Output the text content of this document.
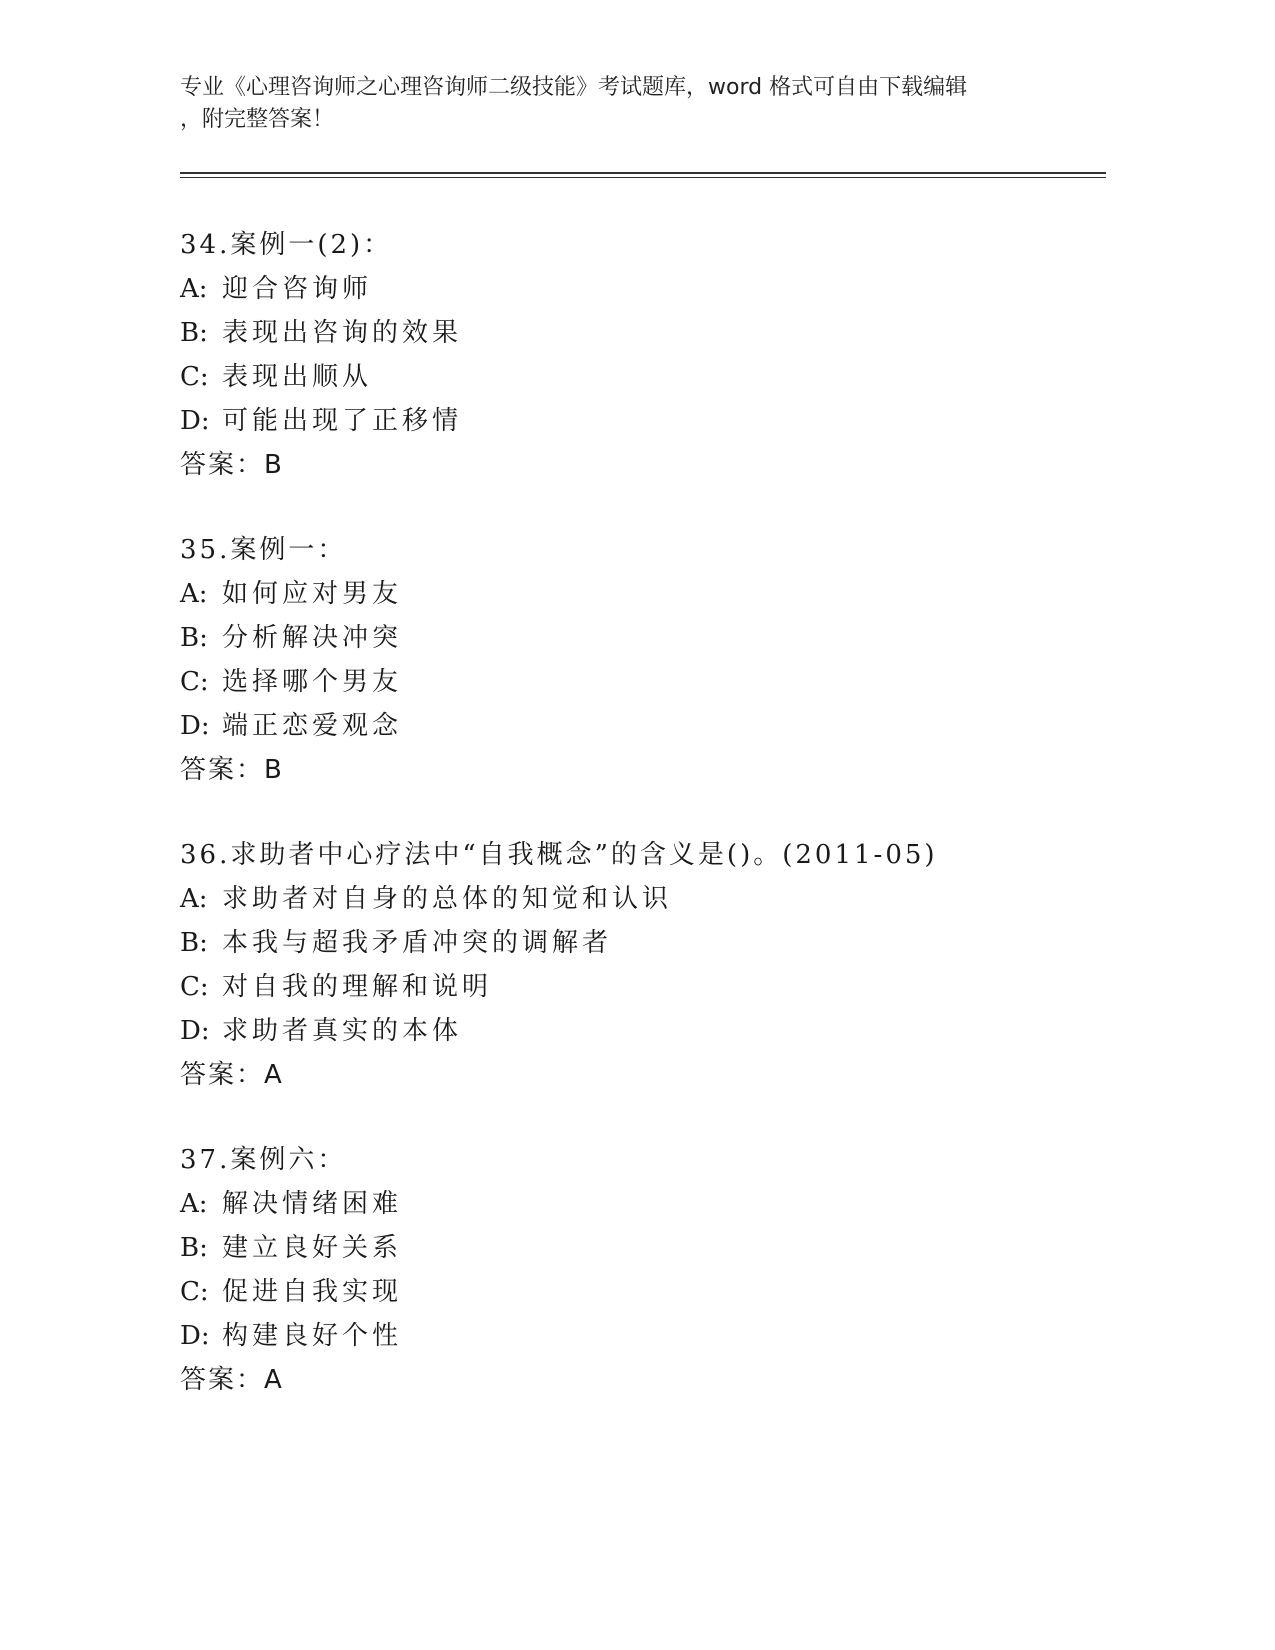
专业《心理咨询师之心理咨询师二级技能》考试题库，word 格式可自由下载编辑
，附完整答案！
34.案例一(2)：
A: 迎合咨询师
B: 表现出咨询的效果
C: 表现出顺从
D: 可能出现了正移情
答案：B
35.案例一：
A: 如何应对男友
B: 分析解决冲突
C: 选择哪个男友
D: 端正恋爱观念
答案：B
36.求助者中心疗法中“自我概念”的含义是()。(2011-05)
A: 求助者对自身的总体的知觉和认识
B: 本我与超我矛盾冲突的调解者
C: 对自我的理解和说明
D: 求助者真实的本体
答案：A
37.案例六：
A: 解决情绪困难
B: 建立良好关系
C: 促进自我实现
D: 构建良好个性
答案：A
